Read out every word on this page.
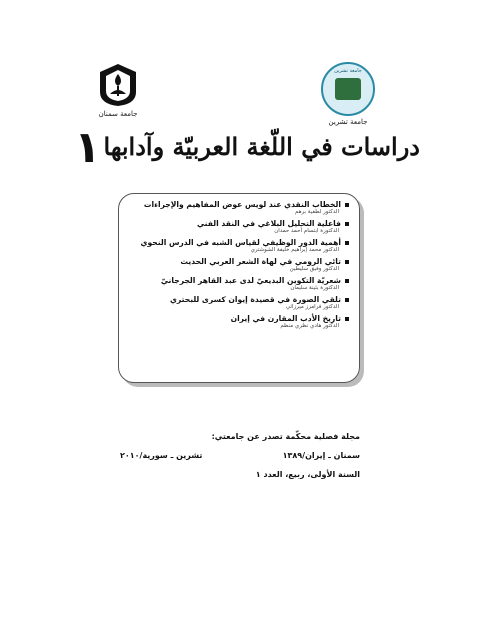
جامعة سمنان
جامعة تشرين
جامعة تشرين
دراسات في اللّغة العربيّة وآدابها
١
الخطاب النقدي عند لويس عوض المفاهيم والإجراءات
الدكتور لطفية برهم
فاعلية التحليل البلاغي في النقد الفني
الدكتورة ابتسام أحمد حمدان
أهمية الدور الوظيفي لقياس الشبه في الدرس النحوي
الدكتور محمد إبراهيم خليفة الشوشتري
تائي الرومي في لهاة الشعر العربي الحديث
الدكتور وفيق سليطين
شعريّة التكوين البديعيّ لدى عبد القاهر الجرجانيّ
الدكتورة بثينة سليمان
تلقي الصورة في قصيدة إيوان كسرى للبحتري
الدكتور فرامرز ميرزائي
تاريخ الأدب المقارن في إيران
الدكتور هادي نظري منظم
مجلة فصلية محكّمة تصدر عن جامعتي:
سمنان ـ إيران/١٣٨٩
تشرين ـ سورية/٢٠١٠
السنة الأولى، ربيع، العدد ١
